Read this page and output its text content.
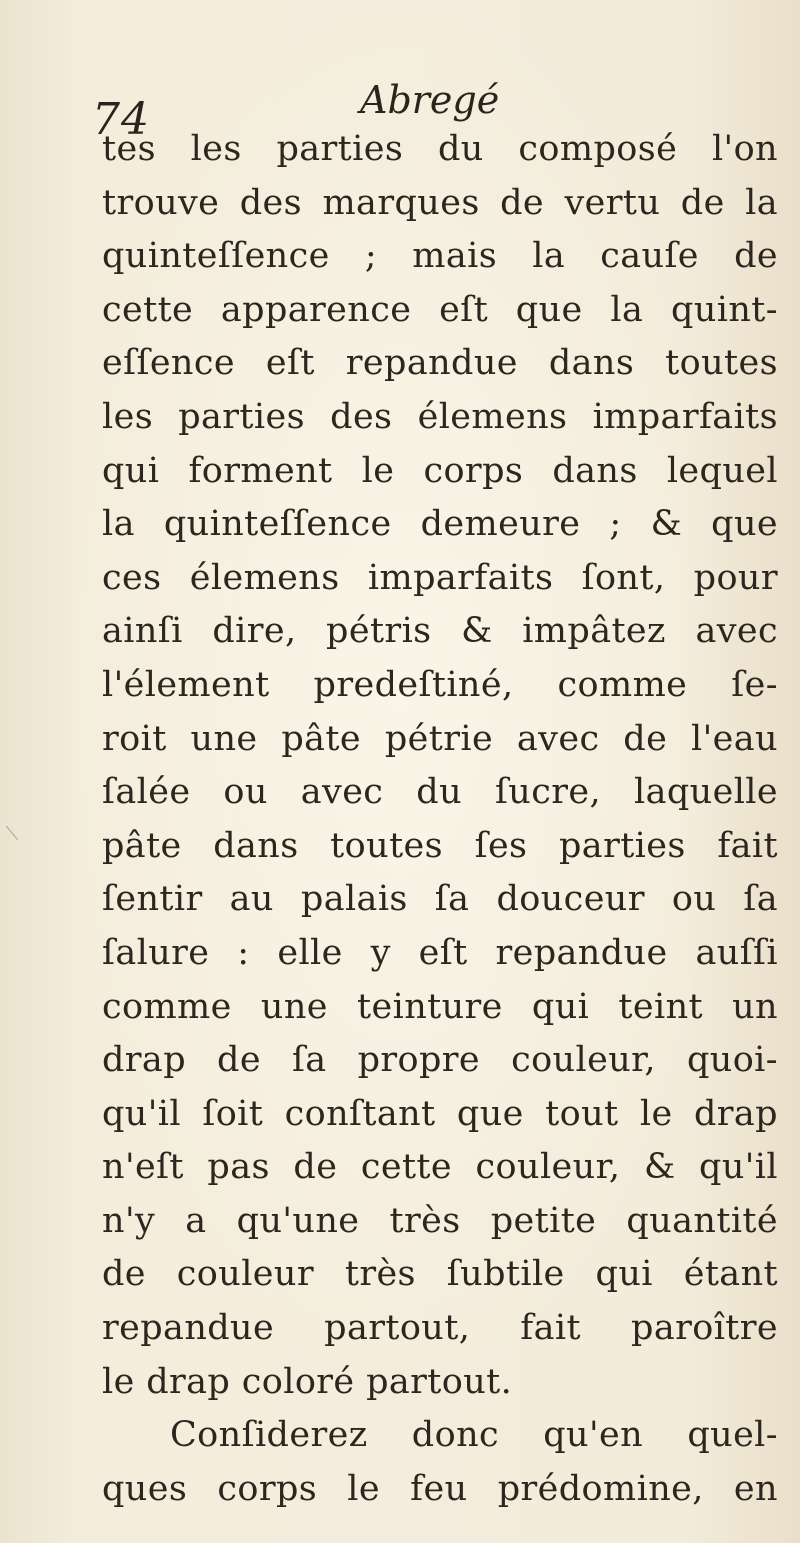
74	Abregé
tes les parties du composé l'on
trouve des marques de vertu de la
quinteſſence ; mais la cauſe de
cette apparence eſt que la quint-
eſſence eſt repandue dans toutes
les parties des élemens imparfaits
qui forment le corps dans lequel
la quinteſſence demeure ; & que
ces élemens imparfaits ſont, pour
ainſi dire, pétris & impâtez avec
l'élement predeſtiné, comme ſe-
roit une pâte pétrie avec de l'eau
ſalée ou avec du ſucre, laquelle
pâte dans toutes ſes parties fait
ſentir au palais ſa douceur ou ſa
ſalure : elle y eſt repandue auſſi
comme une teinture qui teint un
drap de ſa propre couleur, quoi-
qu'il ſoit conſtant que tout le drap
n'eſt pas de cette couleur, & qu'il
n'y a qu'une très petite quantité
de couleur très ſubtile qui étant
repandue partout, fait paroître
le drap coloré partout.
Conſiderez donc qu'en quel-
ques corps le feu prédomine, en
